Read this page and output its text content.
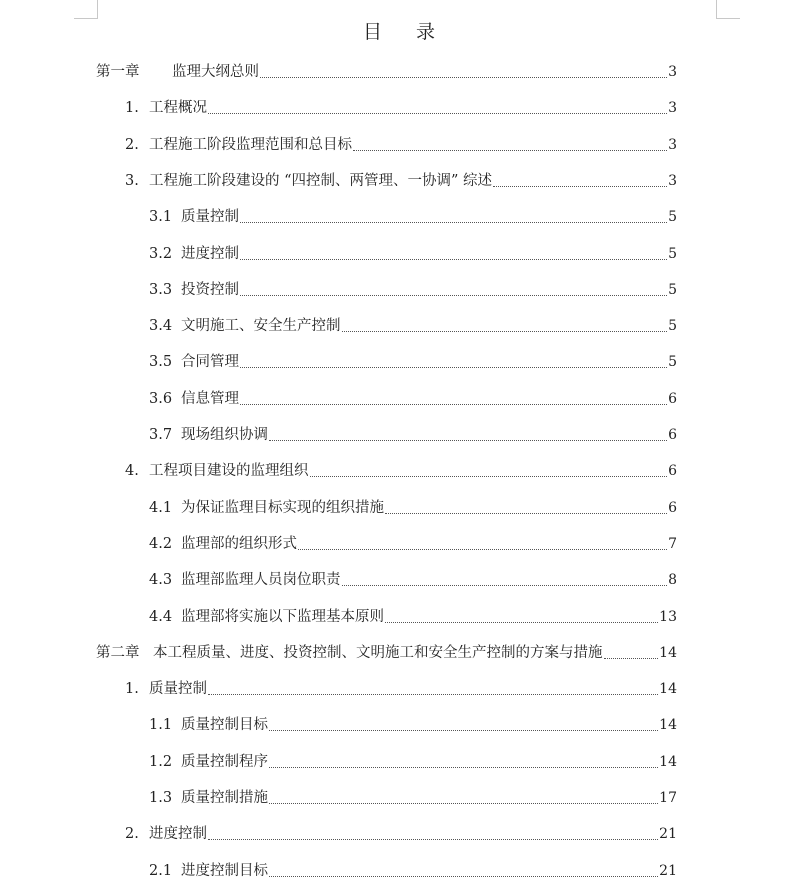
目 录
第一章	监理大纲总则	3
1. 工程概况	3
2. 工程施工阶段监理范围和总目标	3
3. 工程施工阶段建设的 “四控制、两管理、一协调” 综述	3
3.1 质量控制	5
3.2 进度控制	5
3.3 投资控制	5
3.4 文明施工、安全生产控制	5
3.5 合同管理	5
3.6 信息管理	6
3.7 现场组织协调	6
4. 工程项目建设的监理组织	6
4.1 为保证监理目标实现的组织措施	6
4.2 监理部的组织形式	7
4.3 监理部监理人员岗位职责	8
4.4 监理部将实施以下监理基本原则	13
第二章 本工程质量、进度、投资控制、文明施工和安全生产控制的方案与措施	14
1. 质量控制	14
1.1 质量控制目标	14
1.2 质量控制程序	14
1.3 质量控制措施	17
2. 进度控制	21
2.1 进度控制目标	21
